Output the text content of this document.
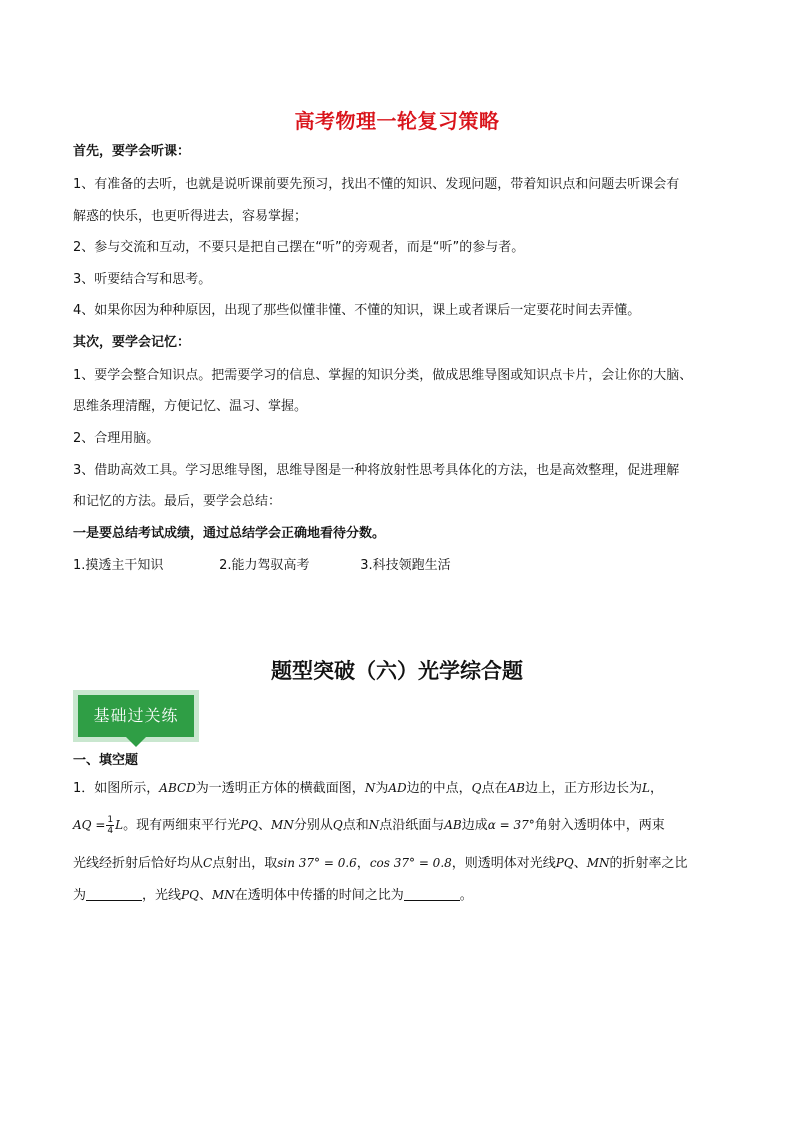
高考物理一轮复习策略
首先，要学会听课：
1、有准备的去听，也就是说听课前要先预习，找出不懂的知识、发现问题，带着知识点和问题去听课会有
解惑的快乐，也更听得进去，容易掌握；
2、参与交流和互动，不要只是把自己摆在“听”的旁观者，而是“听”的参与者。
3、听要结合写和思考。
4、如果你因为种种原因，出现了那些似懂非懂、不懂的知识，课上或者课后一定要花时间去弄懂。
其次，要学会记忆：
1、要学会整合知识点。把需要学习的信息、掌握的知识分类，做成思维导图或知识点卡片，会让你的大脑、
思维条理清醒，方便记忆、温习、掌握。
2、合理用脑。
3、借助高效工具。学习思维导图，思维导图是一种将放射性思考具体化的方法，也是高效整理，促进理解
和记忆的方法。最后，要学会总结：
一是要总结考试成绩，通过总结学会正确地看待分数。
1.摸透主干知识	2.能力驾驭高考	3.科技领跑生活
题型突破（六）光学综合题
基础过关练
一、填空题
1．如图所示，ABCD为一透明正方体的横截面图，N为AD边的中点，Q点在AB边上，正方形边长为L，
AQ = $\frac{1}{4}$ L。现有两细束平行光PQ、MN分别从Q点和N点沿纸面与AB边成α = 37°角射入透明体中，两束
光线经折射后恰好均从C点射出，取sin 37° = 0.6，cos 37° = 0.8，则透明体对光线PQ、MN的折射率之比
为	，光线PQ、MN在透明体中传播的时间之比为	。
